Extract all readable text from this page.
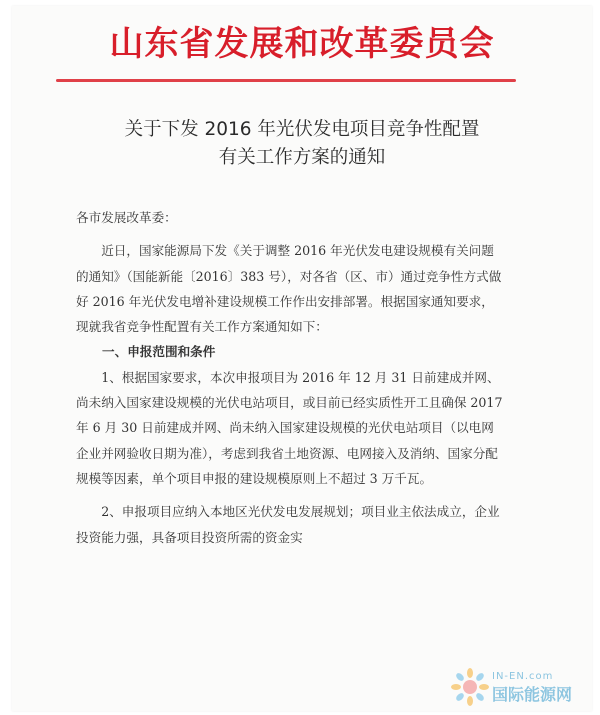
山东省发展和改革委员会
关于下发 2016 年光伏发电项目竞争性配置
有关工作方案的通知

各市发展改革委：

近日，国家能源局下发《关于调整 2016 年光伏发电建设规模有关问题的通知》（国能新能〔2016〕383 号），对各省（区、市）通过竞争性方式做好 2016 年光伏发电增补建设规模工作作出安排部署。根据国家通知要求，现就我省竞争性配置有关工作方案通知如下：

一、申报范围和条件

1、根据国家要求，本次申报项目为 2016 年 12 月 31 日前建成并网、尚未纳入国家建设规模的光伏电站项目，或目前已经实质性开工且确保 2017 年 6 月 30 日前建成并网、尚未纳入国家建设规模的光伏电站项目（以电网企业并网验收日期为准），考虑到我省土地资源、电网接入及消纳、国家分配规模等因素，单个项目申报的建设规模原则上不超过 3 万千瓦。

2、申报项目应纳入本地区光伏发电发展规划；项目业主依法成立，企业投资能力强，具备项目投资所需的资金实

IN-EN.com
国际能源网
